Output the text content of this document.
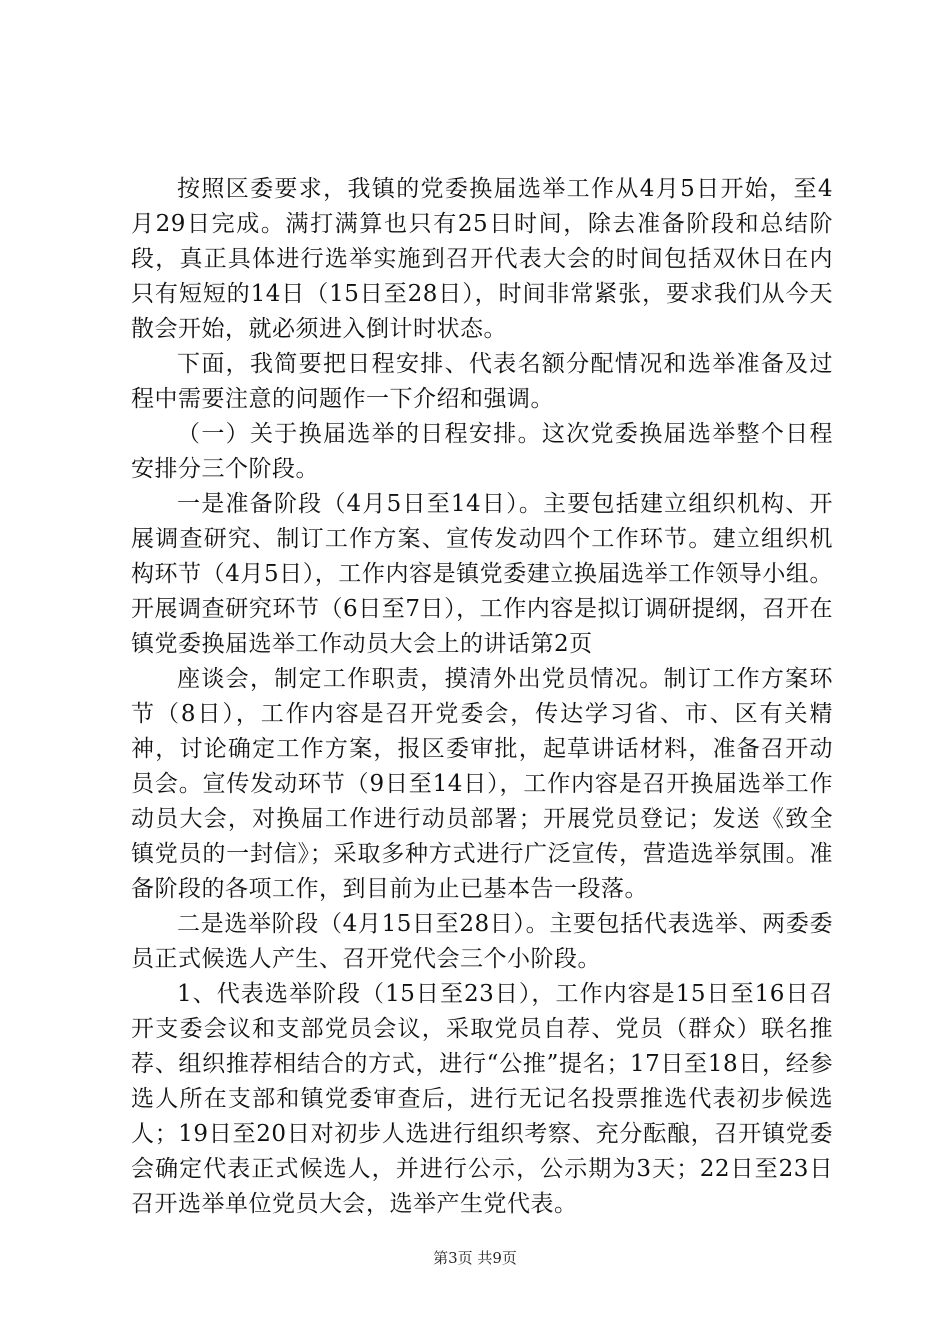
按照区委要求，我镇的党委换届选举工作从4月5日开始，至4月29日完成。满打满算也只有25日时间，除去准备阶段和总结阶段，真正具体进行选举实施到召开代表大会的时间包括双休日在内只有短短的14日（15日至28日），时间非常紧张，要求我们从今天散会开始，就必须进入倒计时状态。

下面，我简要把日程安排、代表名额分配情况和选举准备及过程中需要注意的问题作一下介绍和强调。

（一）关于换届选举的日程安排。这次党委换届选举整个日程安排分三个阶段。

一是准备阶段（4月5日至14日）。主要包括建立组织机构、开展调查研究、制订工作方案、宣传发动四个工作环节。建立组织机构环节（4月5日），工作内容是镇党委建立换届选举工作领导小组。开展调查研究环节（6日至7日），工作内容是拟订调研提纲，召开在镇党委换届选举工作动员大会上的讲话第2页

座谈会，制定工作职责，摸清外出党员情况。制订工作方案环节（8日），工作内容是召开党委会，传达学习省、市、区有关精神，讨论确定工作方案，报区委审批，起草讲话材料，准备召开动员会。宣传发动环节（9日至14日），工作内容是召开换届选举工作动员大会，对换届工作进行动员部署；开展党员登记；发送《致全镇党员的一封信》；采取多种方式进行广泛宣传，营造选举氛围。准备阶段的各项工作，到目前为止已基本告一段落。

二是选举阶段（4月15日至28日）。主要包括代表选举、两委委员正式候选人产生、召开党代会三个小阶段。

1、代表选举阶段（15日至23日），工作内容是15日至16日召开支委会议和支部党员会议，采取党员自荐、党员（群众）联名推荐、组织推荐相结合的方式，进行“公推”提名；17日至18日，经参选人所在支部和镇党委审查后，进行无记名投票推选代表初步候选人；19日至20日对初步人选进行组织考察、充分酝酿，召开镇党委会确定代表正式候选人，并进行公示，公示期为3天；22日至23日召开选举单位党员大会，选举产生党代表。

第3页 共9页
